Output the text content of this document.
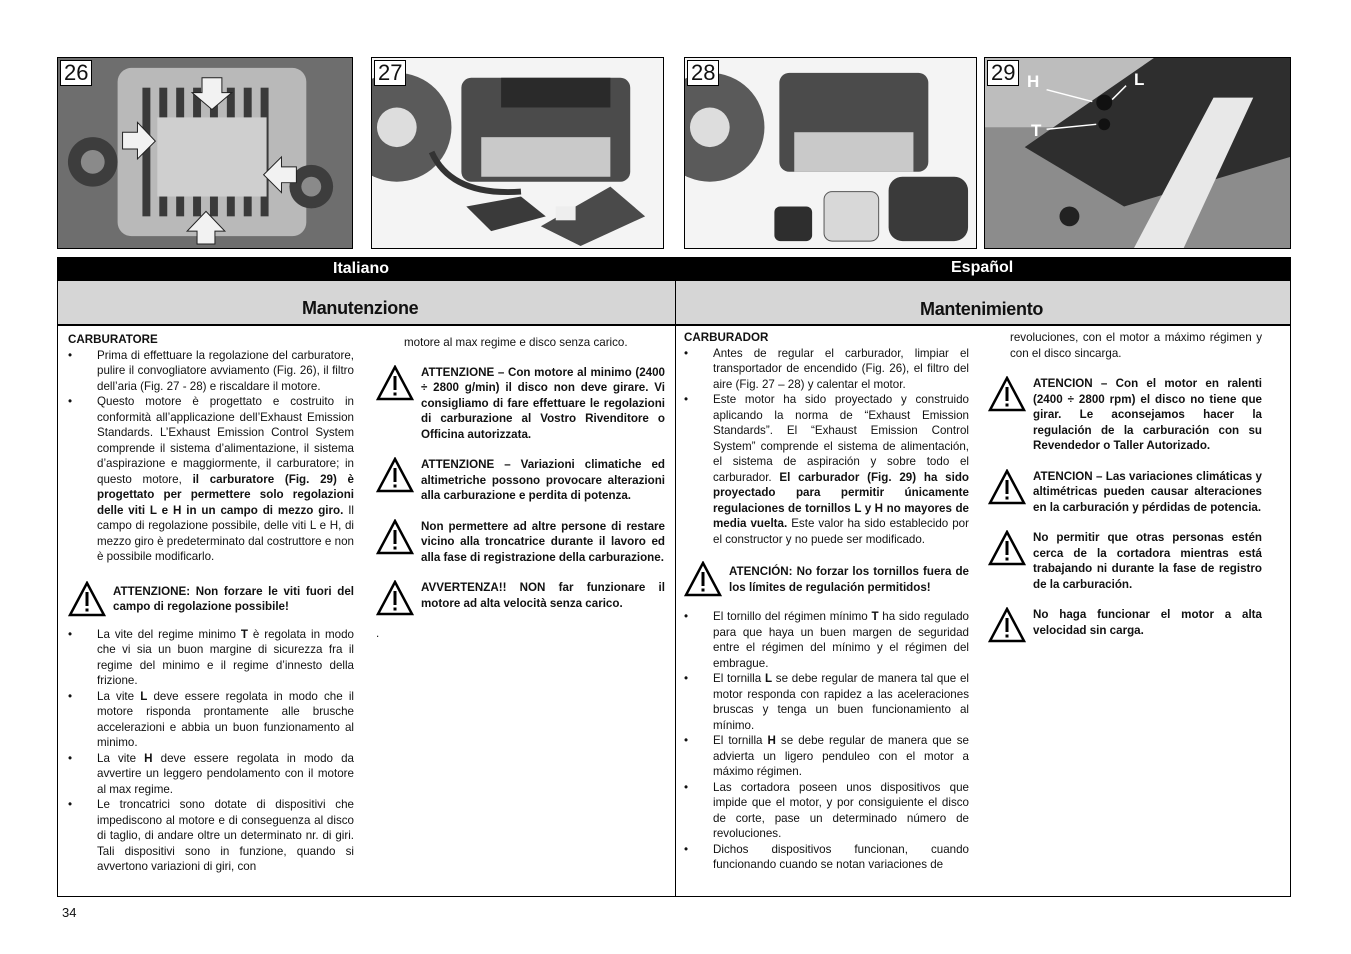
26	27	28	29 H	L
T
Italiano	Español
Manutenzione	Mantenimiento

CARBURATORE

• Prima di effettuare la regolazione del carburatore, pulire il convogliatore avviamento (Fig. 26), il filtro dell’aria (Fig. 27 - 28) e riscaldare il motore.
• Questo motore è progettato e costruito in conformità all’applicazione dell’Exhaust Emission Standards. L’Exhaust Emission Control System comprende il sistema d’alimentazione, il sistema d’aspirazione e maggiormente, il carburatore; in questo motore, il carburatore (Fig. 29) è progettato per permettere solo regolazioni delle viti L e H in un campo di mezzo giro. Il campo di regolazione possibile, delle viti L e H, di mezzo giro è predeterminato dal costruttore e non è possibile modificarlo.

ATTENZIONE: Non forzare le viti fuori del campo di regolazione possibile!

• La vite del regime minimo T è regolata in modo che vi sia un buon margine di sicurezza fra il regime del minimo e il regime d’innesto della frizione.
• La vite L deve essere regolata in modo che il motore risponda prontamente alle brusche accelerazioni e abbia un buon funzionamento al minimo.
• La vite H deve essere regolata in modo da avvertire un leggero pendolamento con il motore al max regime.
• Le troncatrici sono dotate di dispositivi che impediscono al motore e di conseguenza al disco di taglio, di andare oltre un determinato nr. di giri. Tali dispositivi sono in funzione, quando si avvertono variazioni di giri, con

motore al max regime e disco senza carico.

ATTENZIONE – Con motore al minimo (2400 ÷ 2800 g/min) il disco non deve girare. Vi consigliamo di fare effettuare le regolazioni di carburazione al Vostro Rivenditore o Officina autorizzata.

ATTENZIONE – Variazioni climatiche ed altimetriche possono provocare alterazioni alla carburazione e perdita di potenza.

Non permettere ad altre persone di restare vicino alla troncatrice durante il lavoro ed alla fase di registrazione della carburazione.

AVVERTENZA!! NON far funzionare il motore ad alta velocità senza carico.

.

CARBURADOR

• Antes de regular el carburador, limpiar el transportador de encendido (Fig. 26), el filtro del aire (Fig. 27 – 28) y calentar el motor.
• Este motor ha sido proyectado y construido aplicando la norma de “Exhaust Emission Standards”. El “Exhaust Emission Control System” comprende el sistema de alimentación, el sistema de aspiración y sobre todo el carburador. El carburador (Fig. 29) ha sido proyectado para permitir únicamente regulaciones de tornillos L y H no mayores de media vuelta. Este valor ha sido establecido por el constructor y no puede ser modificado.

ATENCIÓN: No forzar los tornillos fuera de los límites de regulación permitidos!

• El tornillo del régimen mínimo T ha sido regulado para que haya un buen margen de seguridad entre el régimen del mínimo y el régimen del embrague.
• El tornilla L se debe regular de manera tal que el motor responda con rapidez a las aceleraciones bruscas y tenga un buen funcionamiento al mínimo.
• El tornilla H se debe regular de manera que se advierta un ligero penduleo con el motor a máximo régimen.
• Las cortadora poseen unos dispositivos que impide que el motor, y por consiguiente el disco de corte, pase un determinado número de revoluciones.
• Dichos dispositivos funcionan, cuando funcionando cuando se notan variaciones de

revoluciones, con el motor a máximo régimen y con el disco sincarga.

ATENCION – Con el motor en ralenti (2400 ÷ 2800 rpm) el disco no tiene que girar. Le aconsejamos hacer la regulación de la carburación con su Revendedor o Taller Autorizado.

ATENCION – Las variaciones climáticas y altimétricas pueden causar alteraciones en la carburación y pérdidas de potencia.

No permitir que otras personas estén cerca de la cortadora mientras está trabajando ni durante la fase de registro de la carburación.

No haga funcionar el motor a alta velocidad sin carga.

34
